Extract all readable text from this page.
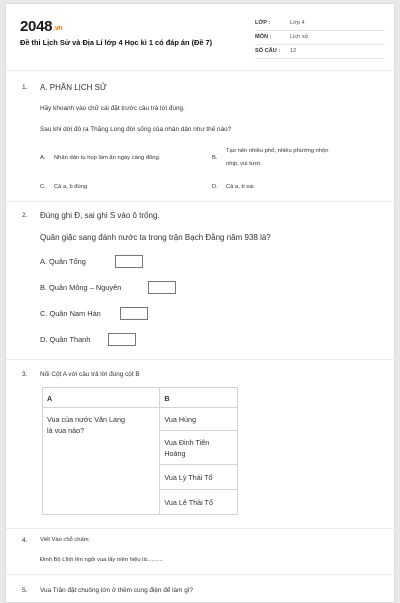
2048.vn
Đề thi Lịch Sử và Địa Lí lớp 4 Học kì 1 có đáp án (Đề 7)
LỚP :	Lớp 4
MÔN :	Lịch sử
SỐ CÂU : 12
1. A. PHẦN LỊCH SỬ
Hãy khoanh vào chữ cái đặt trước câu trả lời đúng.
Sau khi dời đô ra Thăng Long đời sống của nhân dân như thế nào?
A. Nhân dân tụ họp làm ăn ngày càng đông.	B.
Tạo nên nhiều phố, nhiều phường nhộn
nhịp, vui tươi.
C. Cả a, b đúng	D. Cả a, b sai
2. Đúng ghi Đ, sai ghi S vào ô trống.
Quân giặc sang đánh nước ta trong trận Bạch Đằng năm 938 là?
A. Quân Tống
B. Quân Mông – Nguyên
C. Quân Nam Hán
D. Quân Thanh
3. Nối Cột A với câu trả lời đúng cột B
A	B

Vua của nước Văn Lang
là vua nào?	Vua Hùng

	Vua Đinh Tiên
Hoàng

	Vua Lý Thái Tổ
	Vua Lê Thái Tổ
4. Viết Vào chỗ chấm:
Đinh Bộ Lĩnh lên ngôi vua lấy niên hiệu là:.........
5. Vua Trần đặt chuông lớn ở thềm cung điện để làm gì?
